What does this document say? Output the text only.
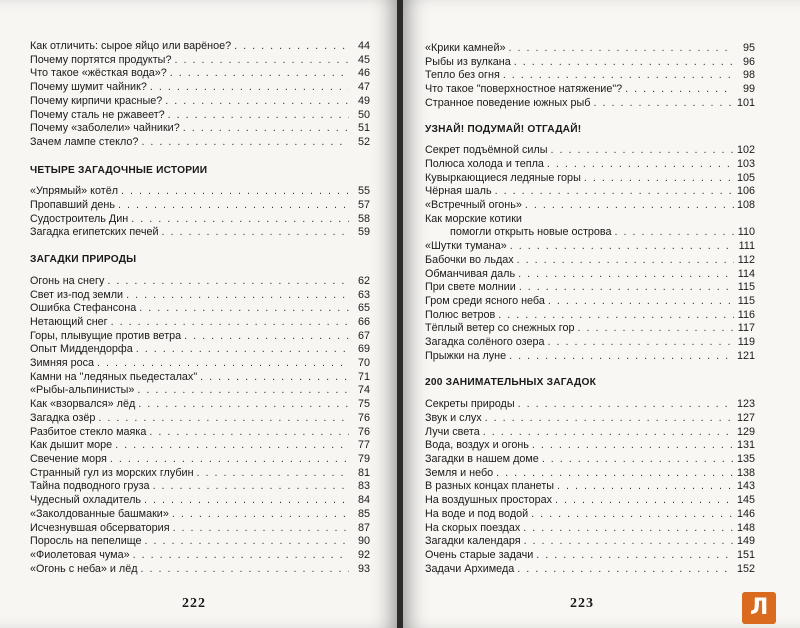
Как отличить: сырое яйцо или варёное? . . .	44
Почему портятся продукты? . . .	45
Что такое «жёсткая вода»? . . .	46
Почему шумит чайник? . . .	47
Почему кирпичи красные? . . .	49
Почему сталь не ржавеет? . . .	50
Почему «заболели» чайники? . . .	51
Зачем лампе стекло? . . .	52
ЧЕТЫРЕ ЗАГАДОЧНЫЕ ИСТОРИИ
«Упрямый» котёл . . .	55
Пропавший день . . .	57
Судостроитель Дин . . .	58
Загадка египетских печей . . .	59
ЗАГАДКИ ПРИРОДЫ
Огонь на снегу . . .	62
Свет из-под земли . . .	63
Ошибка Стефансона . . .	65
Нетающий снег . . .	66
Горы, плывущие против ветра . . .	67
Опыт Миддендорфа . . .	69
Зимняя роса . . .	70
Камни на "ледяных пьедесталах" . . .	71
«Рыбы-альпинисты» . . .	74
Как «взорвался» лёд . . .	75
Загадка озёр . . .	76
Разбитое стекло маяка . . .	76
Как дышит море . . .	77
Свечение моря . . .	79
Странный гул из морских глубин . . .	81
Тайна подводного груза . . .	83
Чудесный охладитель . . .	84
«Заколдованные башмаки» . . .	85
Исчезнувшая обсерватория . . .	87
Поросль на пепелище . . .	90
«Фиолетовая чума» . . .	92
«Огонь с неба» и лёд . . .	93
222
«Крики камней» . . .	95
Рыбы из вулкана . . .	96
Тепло без огня . . .	98
Что такое "поверхностное натяжение"? . . .	99
Странное поведение южных рыб . . .	101
УЗНАЙ! ПОДУМАЙ! ОТГАДАЙ!
Секрет подъёмной силы . . .	102
Полюса холода и тепла . . .	103
Кувыркающиеся ледяные горы . . .	105
Чёрная шаль . . .	106
«Встречный огонь» . . .	108
Как морские котики
помогли открыть новые острова . . .	110
«Шутки тумана» . . .	111
Бабочки во льдах . . .	112
Обманчивая даль . . .	114
При свете молнии . . .	115
Гром среди ясного неба . . .	115
Полюс ветров . . .	116
Тёплый ветер со снежных гор . . .	117
Загадка солёного озера . . .	119
Прыжки на луне . . .	121
200 ЗАНИМАТЕЛЬНЫХ ЗАГАДОК
Секреты природы . . .	123
Звук и слух . . .	127
Лучи света . . .	129
Вода, воздух и огонь . . .	131
Загадки в нашем доме . . .	135
Земля и небо . . .	138
В разных концах планеты . . .	143
На воздушных просторах . . .	145
На воде и под водой . . .	146
На скорых поездах . . .	148
Загадки календаря . . .	149
Очень старые задачи . . .	151
Задачи Архимеда . . .	152
223	Л
